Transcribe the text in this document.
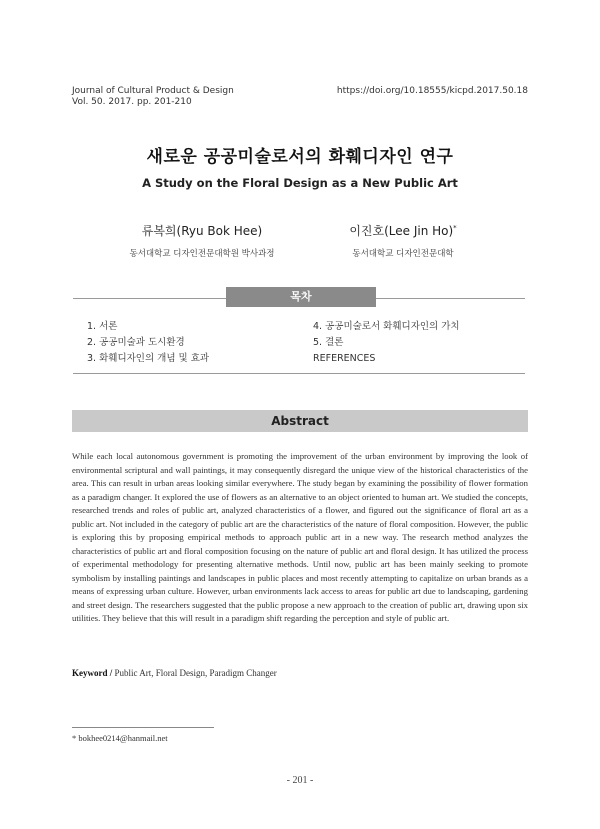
Journal of Cultural Product & Design
Vol. 50. 2017. pp. 201-210
https://doi.org/10.18555/kicpd.2017.50.18
새로운 공공미술로서의 화훼디자인 연구
A Study on the Floral Design as a New Public Art
류복희(Ryu Bok Hee)
동서대학교 디자인전문대학원 박사과정
이진호(Lee Jin Ho)*
동서대학교 디자인전문대학
1. 서론
2. 공공미술과 도시환경
3. 화훼디자인의 개념 및 효과
4. 공공미술로서 화훼디자인의 가치
5. 결론
REFERENCES
목차
Abstract
While each local autonomous government is promoting the improvement of the urban environment by improving the look of environmental scriptural and wall paintings, it may consequently disregard the unique view of the historical characteristics of the area. This can result in urban areas looking similar everywhere. The study began by examining the possibility of flower formation as a paradigm changer. It explored the use of flowers as an alternative to an object oriented to human art. We studied the concepts, researched trends and roles of public art, analyzed characteristics of a flower, and figured out the significance of floral art as a public art. Not included in the category of public art are the characteristics of the nature of floral composition. However, the public is exploring this by proposing empirical methods to approach public art in a new way. The research method analyzes the characteristics of public art and floral composition focusing on the nature of public art and floral design. It has utilized the process of experimental methodology for presenting alternative methods. Until now, public art has been mainly seeking to promote symbolism by installing paintings and landscapes in public places and most recently attempting to capitalize on urban brands as a means of expressing urban culture. However, urban environments lack access to areas for public art due to landscaping, gardening and street design. The researchers suggested that the public propose a new approach to the creation of public art, drawing upon six utilities. They believe that this will result in a paradigm shift regarding the perception and style of public art.
Keyword / Public Art, Floral Design, Paradigm Changer
* bokhee0214@hanmail.net
- 201 -
